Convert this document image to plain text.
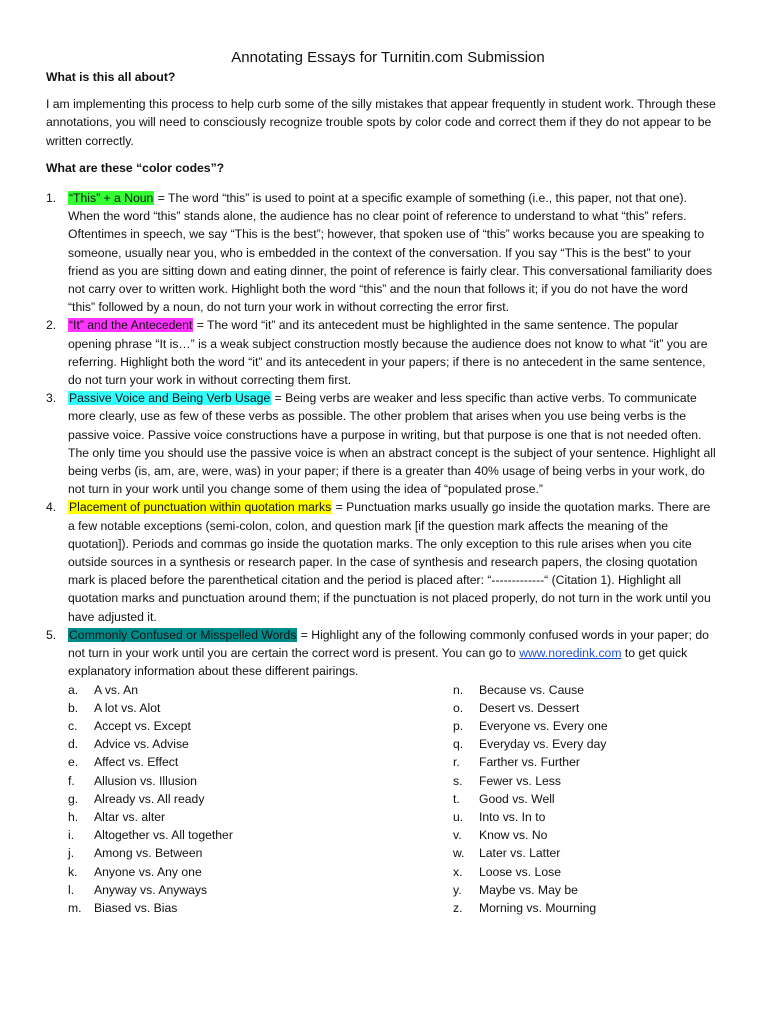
Annotating Essays for Turnitin.com Submission

What is this all about?

I am implementing this process to help curb some of the silly mistakes that appear frequently in student work. Through these annotations, you will need to consciously recognize trouble spots by color code and correct them if they do not appear to be written correctly.

What are these “color codes”?

1. “This” + a Noun = The word “this” is used to point at a specific example of something (i.e., this paper, not that one). When the word “this” stands alone, the audience has no clear point of reference to understand to what “this” refers. Oftentimes in speech, we say “This is the best”; however, that spoken use of “this” works because you are speaking to someone, usually near you, who is embedded in the context of the conversation. If you say “This is the best” to your friend as you are sitting down and eating dinner, the point of reference is fairly clear. This conversational familiarity does not carry over to written work. Highlight both the word “this” and the noun that follows it; if you do not have the word “this” followed by a noun, do not turn your work in without correcting the error first.
2. “It” and the Antecedent = The word “it” and its antecedent must be highlighted in the same sentence. The popular opening phrase “It is…” is a weak subject construction mostly because the audience does not know to what “it” you are referring. Highlight both the word “it” and its antecedent in your papers; if there is no antecedent in the same sentence, do not turn your work in without correcting them first.
3. Passive Voice and Being Verb Usage = Being verbs are weaker and less specific than active verbs. To communicate more clearly, use as few of these verbs as possible. The other problem that arises when you use being verbs is the passive voice. Passive voice constructions have a purpose in writing, but that purpose is one that is not needed often. The only time you should use the passive voice is when an abstract concept is the subject of your sentence. Highlight all being verbs (is, am, are, were, was) in your paper; if there is a greater than 40% usage of being verbs in your work, do not turn in your work until you change some of them using the idea of “populated prose.”
4. Placement of punctuation within quotation marks = Punctuation marks usually go inside the quotation marks. There are a few notable exceptions (semi-colon, colon, and question mark [if the question mark affects the meaning of the quotation]). Periods and commas go inside the quotation marks. The only exception to this rule arises when you cite outside sources in a synthesis or research paper. In the case of synthesis and research papers, the closing quotation mark is placed before the parenthetical citation and the period is placed after: “-------------“ (Citation 1). Highlight all quotation marks and punctuation around them; if the punctuation is not placed properly, do not turn in the work until you have adjusted it.
5. Commonly Confused or Misspelled Words = Highlight any of the following commonly confused words in your paper; do not turn in your work until you are certain the correct word is present. You can go to www.noredink.com to get quick explanatory information about these different pairings.
a. A vs. An
b. A lot vs. Alot
c. Accept vs. Except
d. Advice vs. Advise
e. Affect vs. Effect
f. Allusion vs. Illusion
g. Already vs. All ready
h. Altar vs. alter
i. Altogether vs. All together
j. Among vs. Between
k. Anyone vs. Any one
l. Anyway vs. Anyways
m. Biased vs. Bias
n. Because vs. Cause
o. Desert vs. Dessert
p. Everyone vs. Every one
q. Everyday vs. Every day
r. Farther vs. Further
s. Fewer vs. Less
t. Good vs. Well
u. Into vs. In to
v. Know vs. No
w. Later vs. Latter
x. Loose vs. Lose
y. Maybe vs. May be
z. Morning vs. Mourning
